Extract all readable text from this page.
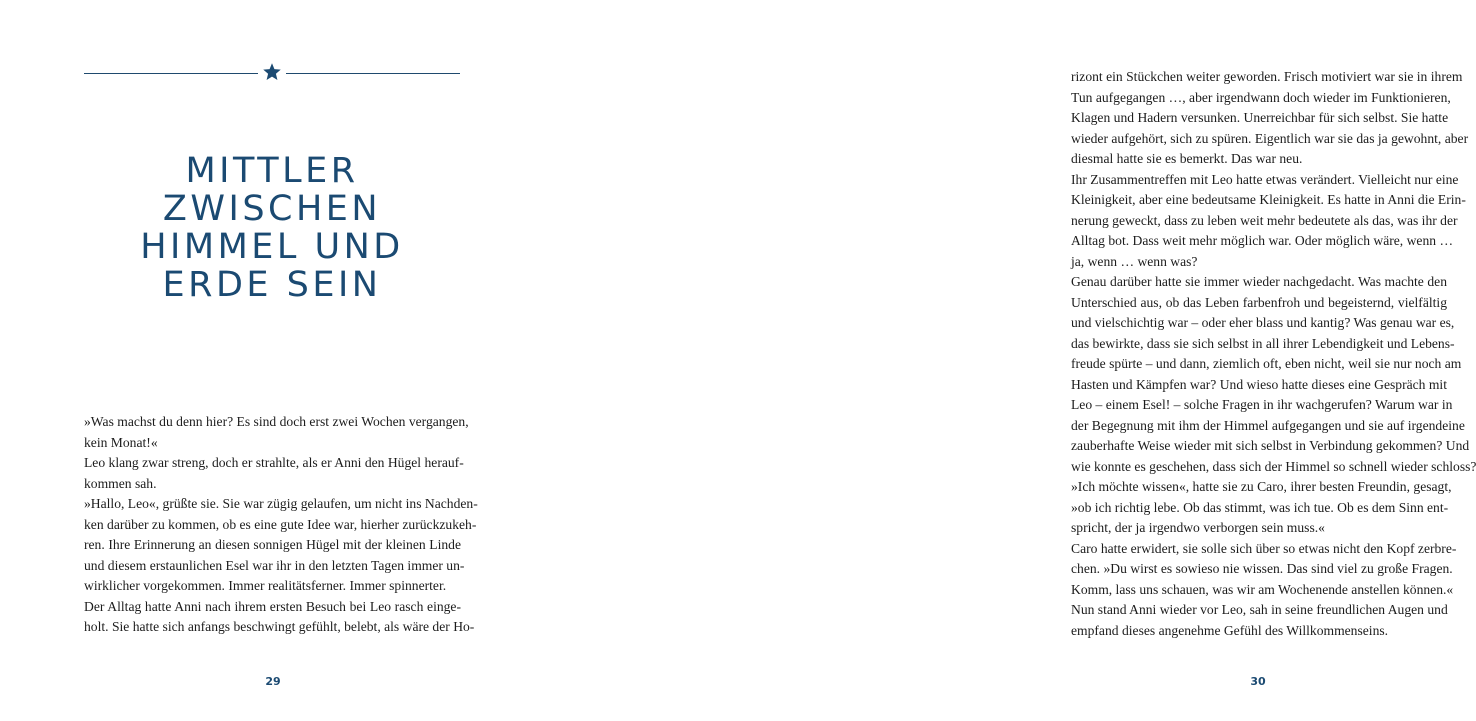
MITTLER
ZWISCHEN
HIMMEL UND
ERDE SEIN
»Was machst du denn hier? Es sind doch erst zwei Wochen vergangen,
kein Monat!«
Leo klang zwar streng, doch er strahlte, als er Anni den Hügel herauf-
kommen sah.
»Hallo, Leo«, grüßte sie. Sie war zügig gelaufen, um nicht ins Nachden-
ken darüber zu kommen, ob es eine gute Idee war, hierher zurückzukeh-
ren. Ihre Erinnerung an diesen sonnigen Hügel mit der kleinen Linde
und diesem erstaunlichen Esel war ihr in den letzten Tagen immer un-
wirklicher vorgekommen. Immer realitätsferner. Immer spinnerter.
Der Alltag hatte Anni nach ihrem ersten Besuch bei Leo rasch einge-
holt. Sie hatte sich anfangs beschwingt gefühlt, belebt, als wäre der Ho-
29
rizont ein Stückchen weiter geworden. Frisch motiviert war sie in ihrem
Tun aufgegangen …, aber irgendwann doch wieder im Funktionieren,
Klagen und Hadern versunken. Unerreichbar für sich selbst. Sie hatte
wieder aufgehört, sich zu spüren. Eigentlich war sie das ja gewohnt, aber
diesmal hatte sie es bemerkt. Das war neu.
Ihr Zusammentreffen mit Leo hatte etwas verändert. Vielleicht nur eine
Kleinigkeit, aber eine bedeutsame Kleinigkeit. Es hatte in Anni die Erin-
nerung geweckt, dass zu leben weit mehr bedeutete als das, was ihr der
Alltag bot. Dass weit mehr möglich war. Oder möglich wäre, wenn …
ja, wenn … wenn was?
Genau darüber hatte sie immer wieder nachgedacht. Was machte den
Unterschied aus, ob das Leben farbenfroh und begeisternd, vielfältig
und vielschichtig war – oder eher blass und kantig? Was genau war es,
das bewirkte, dass sie sich selbst in all ihrer Lebendigkeit und Lebens-
freude spürte – und dann, ziemlich oft, eben nicht, weil sie nur noch am
Hasten und Kämpfen war? Und wieso hatte dieses eine Gespräch mit
Leo – einem Esel! – solche Fragen in ihr wachgerufen? Warum war in
der Begegnung mit ihm der Himmel aufgegangen und sie auf irgendeine
zauberhafte Weise wieder mit sich selbst in Verbindung gekommen? Und
wie konnte es geschehen, dass sich der Himmel so schnell wieder schloss?
»Ich möchte wissen«, hatte sie zu Caro, ihrer besten Freundin, gesagt,
»ob ich richtig lebe. Ob das stimmt, was ich tue. Ob es dem Sinn ent-
spricht, der ja irgendwo verborgen sein muss.«
Caro hatte erwidert, sie solle sich über so etwas nicht den Kopf zerbre-
chen. »Du wirst es sowieso nie wissen. Das sind viel zu große Fragen.
Komm, lass uns schauen, was wir am Wochenende anstellen können.«
Nun stand Anni wieder vor Leo, sah in seine freundlichen Augen und
empfand dieses angenehme Gefühl des Willkommenseins.
30
